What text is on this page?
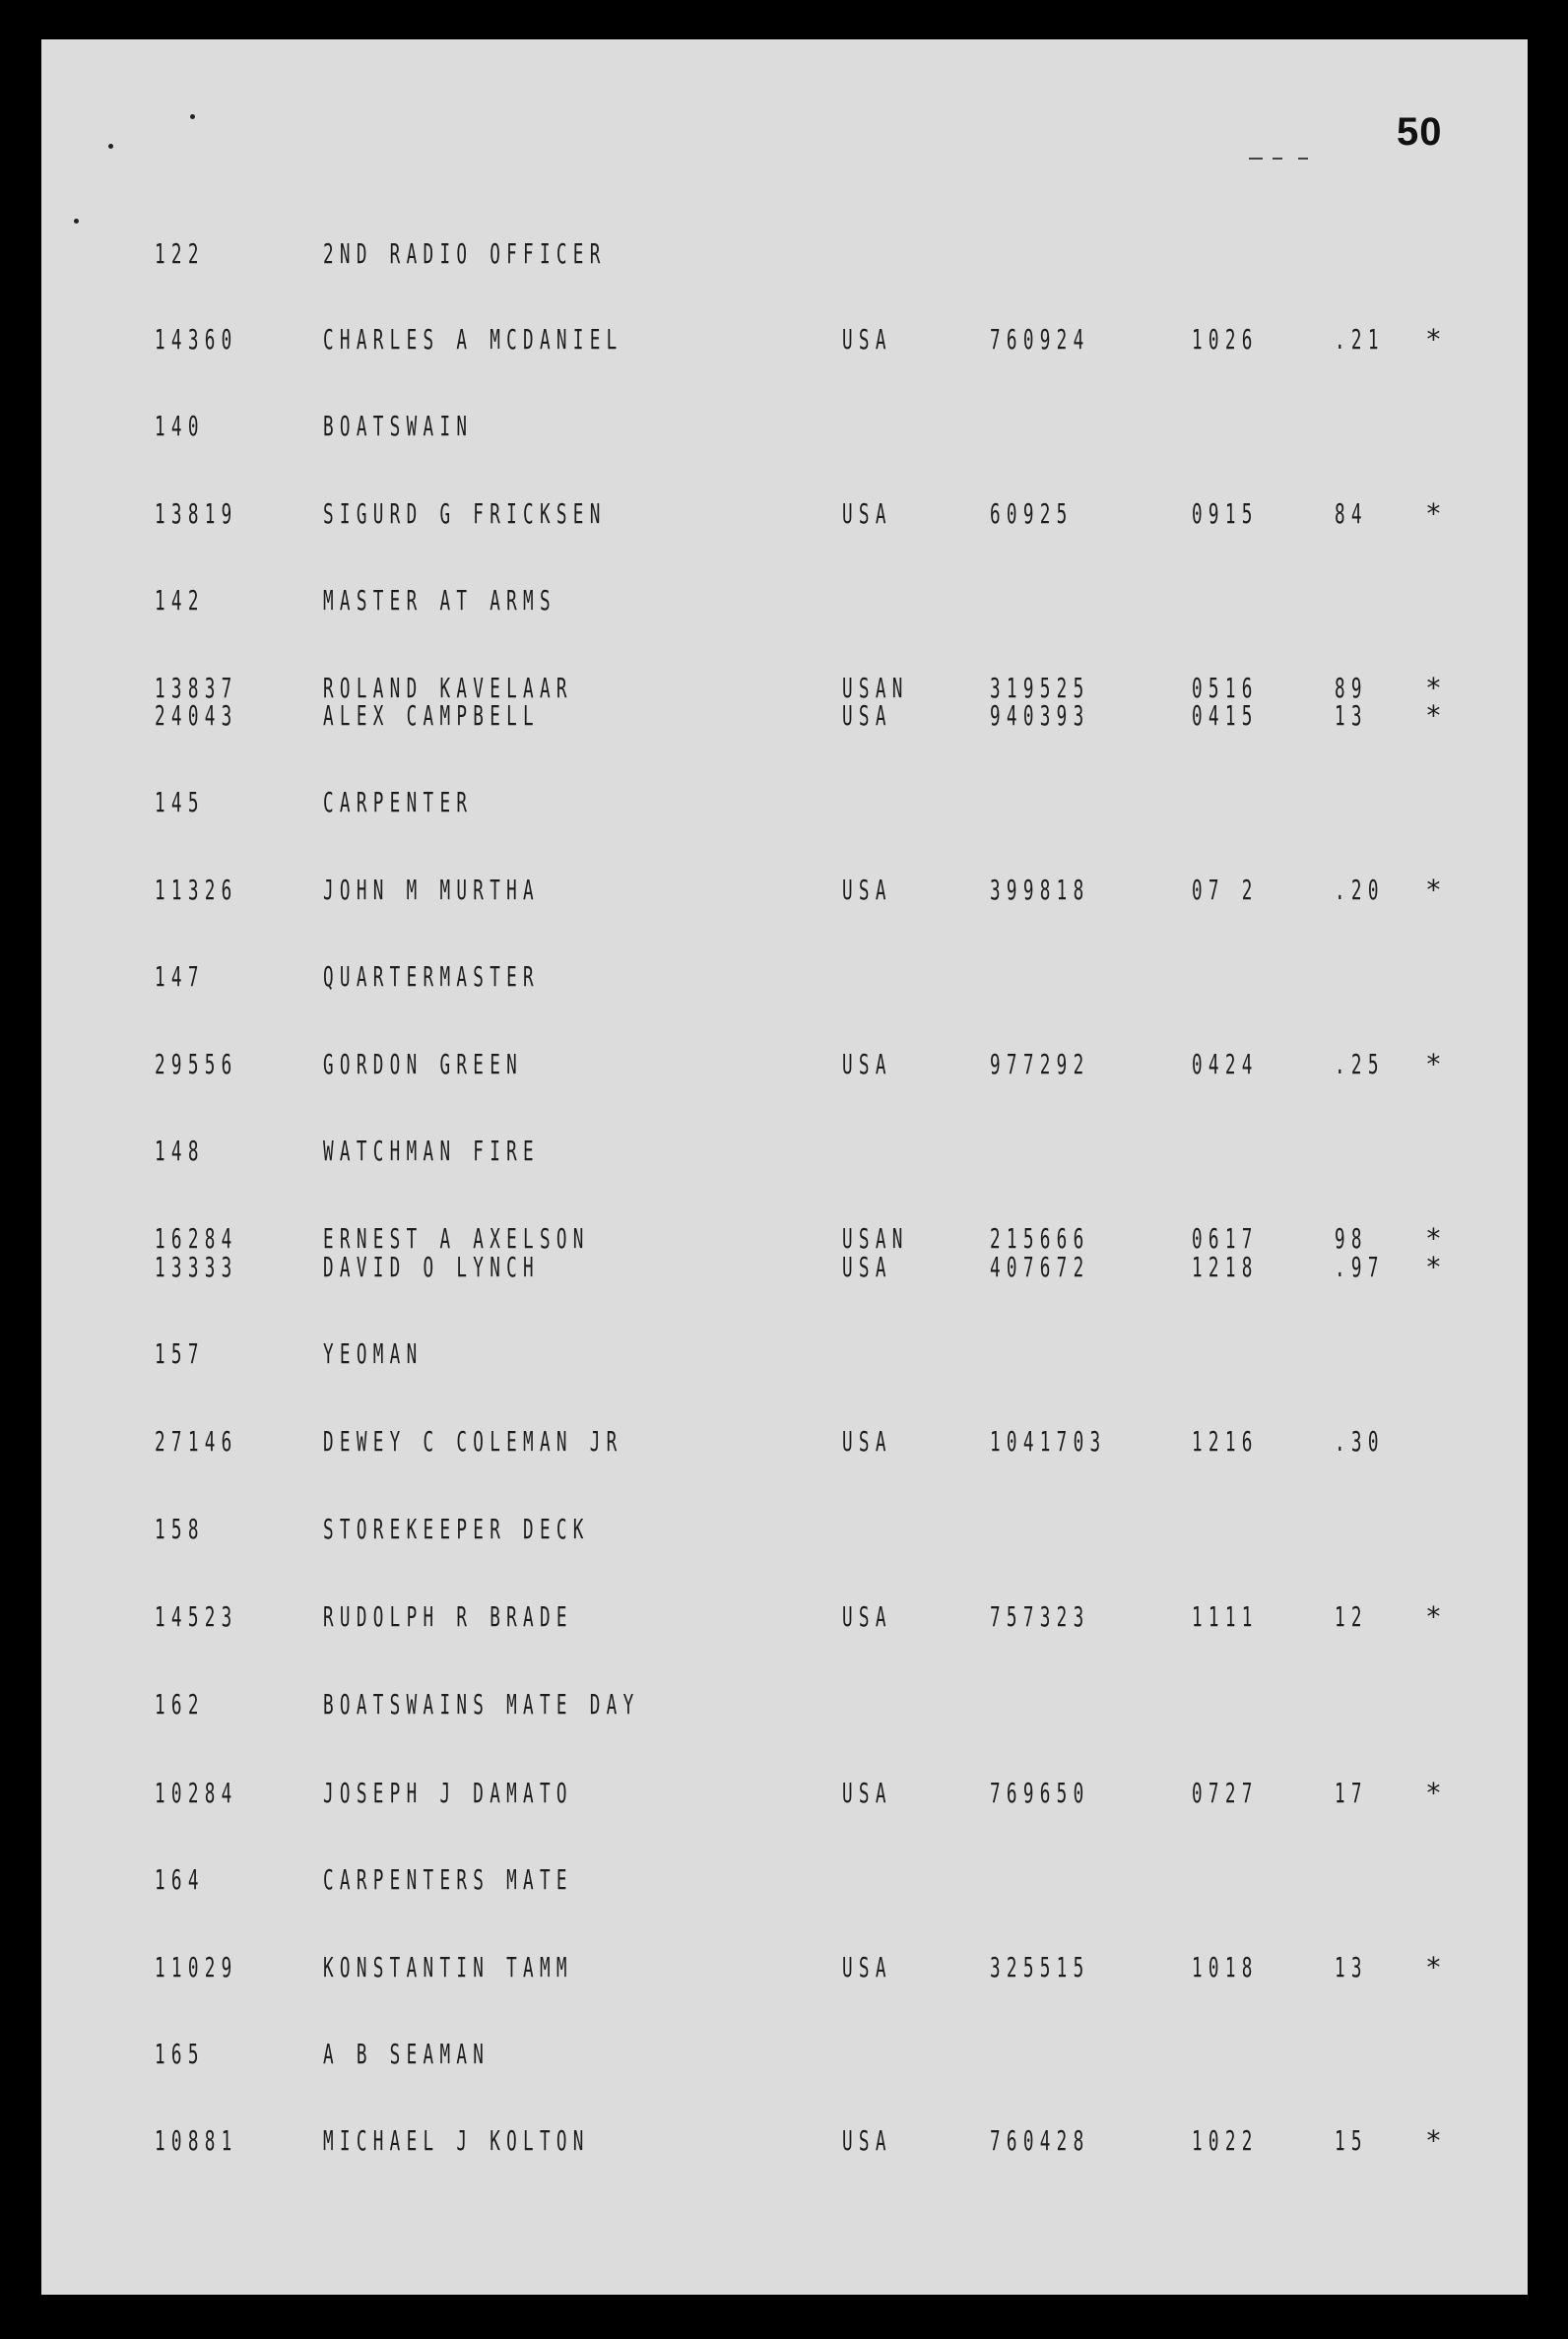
50
122	2ND RADIO OFFICER
14360	CHARLES A MCDANIEL	USA	760924	1026	.21 *
140	BOATSWAIN
13819	SIGURD G FRICKSEN	USA	60925	0915	84 *
142	MASTER AT ARMS
13837	ROLAND KAVELAAR	USAN	319525	0516	89 *
24043	ALEX CAMPBELL	USA	940393	0415	13 *
145	CARPENTER
11326	JOHN M MURTHA	USA	399818	07 2	.20 *
147	QUARTERMASTER
29556	GORDON GREEN	USA	977292	0424	.25 *
148	WATCHMAN FIRE
16284	ERNEST A AXELSON	USAN	215666	0617	98 *
13333	DAVID O LYNCH	USA	407672	1218	.97 *
157	YEOMAN
27146	DEWEY C COLEMAN JR	USA	1041703	1216	.30
158	STOREKEEPER DECK
14523	RUDOLPH R BRADE	USA	757323	1111	12 *
162	BOATSWAINS MATE DAY
10284	JOSEPH J DAMATO	USA	769650	0727	17 *
164	CARPENTERS MATE
11029	KONSTANTIN TAMM	USA	325515	1018	13 *
165	A B SEAMAN
10881	MICHAEL J KOLTON	USA	760428	1022	15 *
